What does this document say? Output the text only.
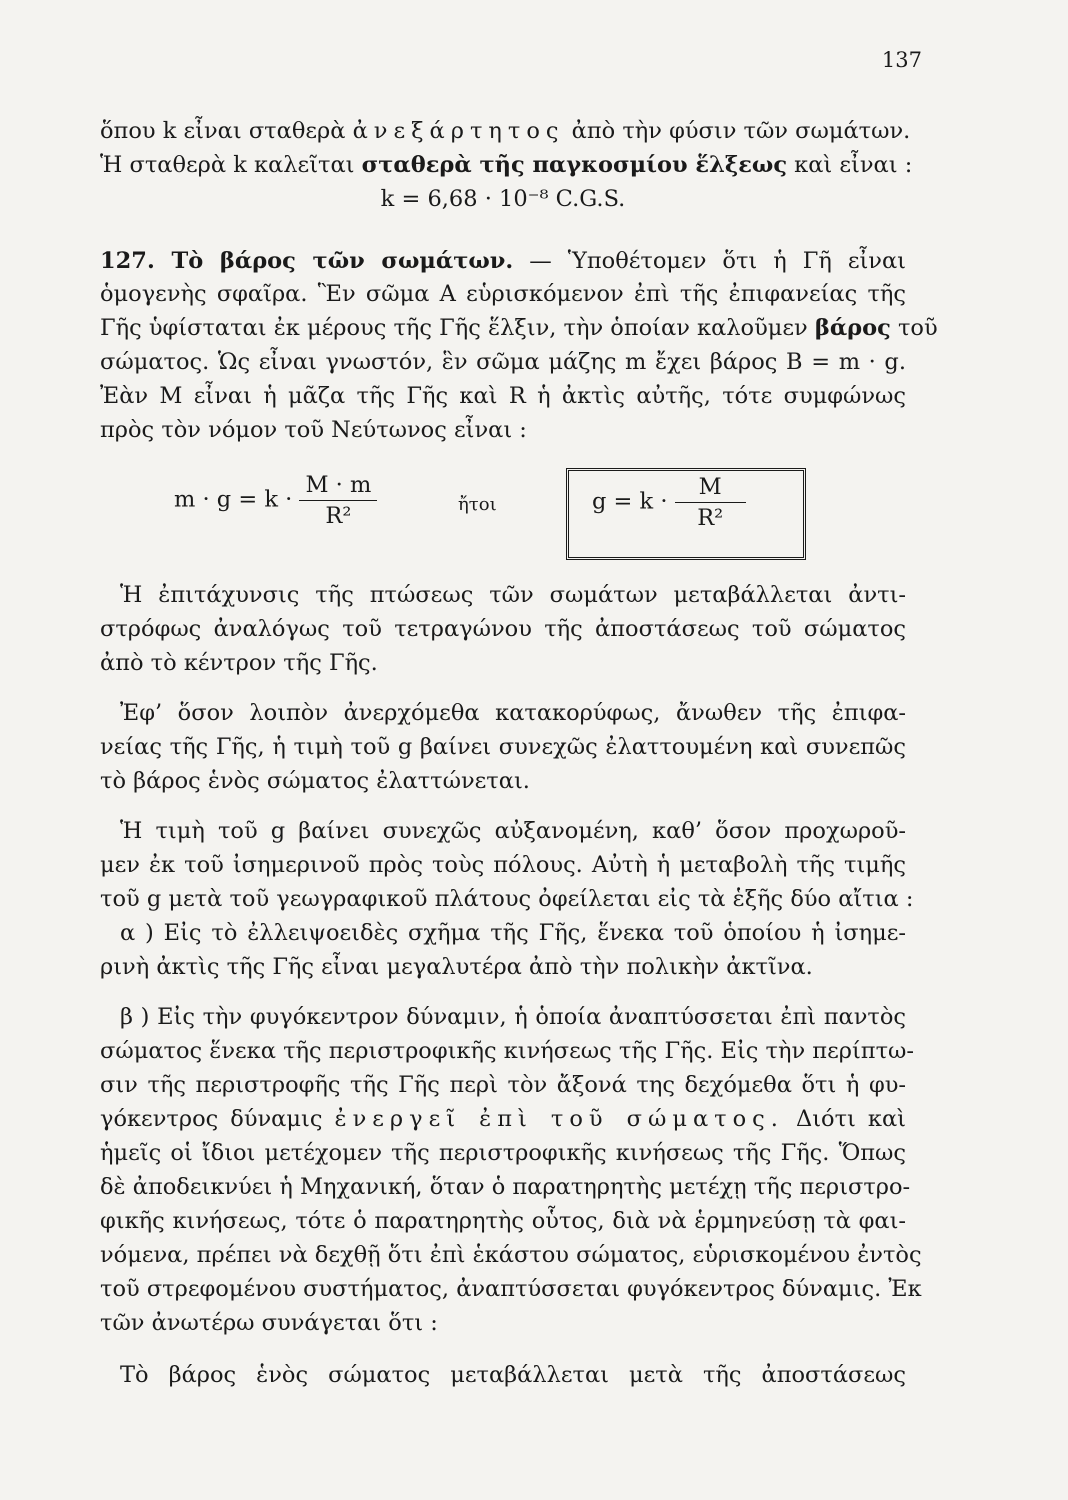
137
ὅπου k εἶναι σταθερὰ ἀνεξάρτητος ἀπὸ τὴν φύσιν τῶν σωμάτων.
Ἡ σταθερὰ k καλεῖται σταθερὰ τῆς παγκοσμίου ἕλξεως καὶ εἶναι :
k = 6,68 · 10⁻⁸ C.G.S.
127. Τὸ βάρος τῶν σωμάτων. — Ὑποθέτομεν ὅτι ἡ Γῆ εἶναι
ὁμογενὴς σφαῖρα. Ἓν σῶμα A εὑρισκόμενον ἐπὶ τῆς ἐπιφανείας τῆς
Γῆς ὑφίσταται ἐκ μέρους τῆς Γῆς ἕλξιν, τὴν ὁποίαν καλοῦμεν βάρος τοῦ
σώματος. Ὡς εἶναι γνωστόν, ἓν σῶμα μάζης m ἔχει βάρος B = m · g.
Ἐὰν M εἶναι ἡ μᾶζα τῆς Γῆς καὶ R ἡ ἀκτὶς αὐτῆς, τότε συμφώνως
πρὸς τὸν νόμον τοῦ Νεύτωνος εἶναι :
$m \cdot g = k \cdot \frac{M \cdot m}{\text{R²}}$	ἤτοι	$g = k \cdot \frac{M}{\text{R²}}$
Ἡ ἐπιτάχυνσις τῆς πτώσεως τῶν σωμάτων μεταβάλλεται ἀντι-
στρόφως ἀναλόγως τοῦ τετραγώνου τῆς ἀποστάσεως τοῦ σώματος
ἀπὸ τὸ κέντρον τῆς Γῆς.
Ἐφ’ ὅσον λοιπὸν ἀνερχόμεθα κατακορύφως, ἄνωθεν τῆς ἐπιφα-
νείας τῆς Γῆς, ἡ τιμὴ τοῦ g βαίνει συνεχῶς ἐλαττουμένη καὶ συνεπῶς
τὸ βάρος ἑνὸς σώματος ἐλαττώνεται.
Ἡ τιμὴ τοῦ g βαίνει συνεχῶς αὐξανομένη, καθ’ ὅσον προχωροῦ-
μεν ἐκ τοῦ ἰσημερινοῦ πρὸς τοὺς πόλους. Αὐτὴ ἡ μεταβολὴ τῆς τιμῆς
τοῦ g μετὰ τοῦ γεωγραφικοῦ πλάτους ὀφείλεται εἰς τὰ ἑξῆς δύο αἴτια :
α ) Εἰς τὸ ἐλλειψοειδὲς σχῆμα τῆς Γῆς, ἕνεκα τοῦ ὁποίου ἡ ἰσημε-
ρινὴ ἀκτὶς τῆς Γῆς εἶναι μεγαλυτέρα ἀπὸ τὴν πολικὴν ἀκτῖνα.
β ) Εἰς τὴν φυγόκεντρον δύναμιν, ἡ ὁποία ἀναπτύσσεται ἐπὶ παντὸς
σώματος ἕνεκα τῆς περιστροφικῆς κινήσεως τῆς Γῆς. Εἰς τὴν περίπτω-
σιν τῆς περιστροφῆς τῆς Γῆς περὶ τὸν ἄξονά της δεχόμεθα ὅτι ἡ φυ-
γόκεντρος δύναμις ἐνεργεῖ ἐπὶ τοῦ σώματος. Διότι καὶ
ἡμεῖς οἱ ἴδιοι μετέχομεν τῆς περιστροφικῆς κινήσεως τῆς Γῆς. Ὅπως
δὲ ἀποδεικνύει ἡ Μηχανική, ὅταν ὁ παρατηρητὴς μετέχῃ τῆς περιστρο-
φικῆς κινήσεως, τότε ὁ παρατηρητὴς οὗτος, διὰ νὰ ἑρμηνεύσῃ τὰ φαι-
νόμενα, πρέπει νὰ δεχθῇ ὅτι ἐπὶ ἑκάστου σώματος, εὑρισκομένου ἐντὸς
τοῦ στρεφομένου συστήματος, ἀναπτύσσεται φυγόκεντρος δύναμις. Ἐκ
τῶν ἀνωτέρω συνάγεται ὅτι :
Τὸ βάρος ἑνὸς σώματος μεταβάλλεται μετὰ τῆς ἀποστάσεως
